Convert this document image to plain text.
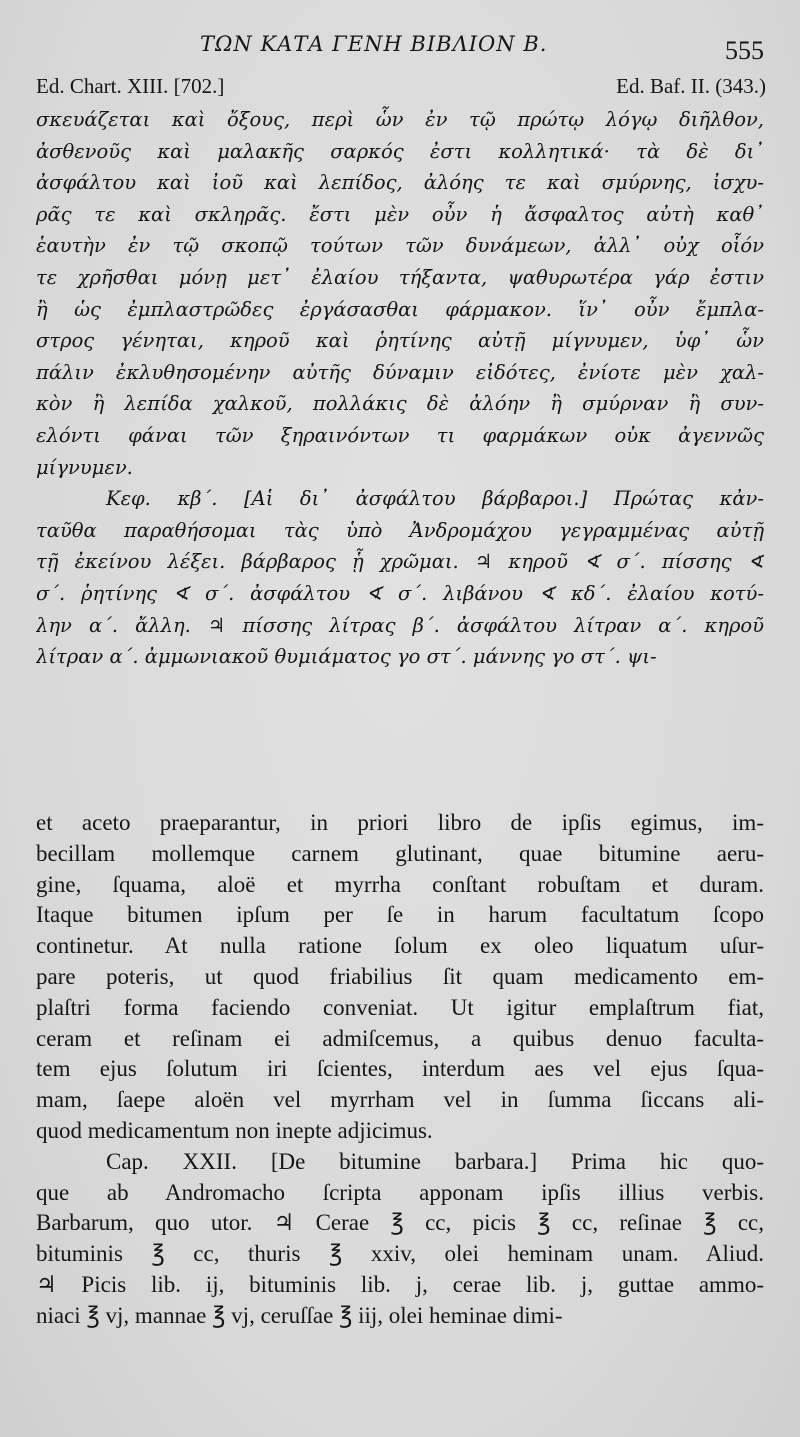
ΤΩΝ ΚΑΤΑ ΓΕΝΗ ΒΙΒΛΙΟΝ Β.	555
Ed. Chart. XIII. [702.]	Ed. Baf. II. (343.)
σκευάζεται καὶ ὄξους, περὶ ὧν ἐν τῷ πρώτῳ λόγῳ διῆλθον,
ἀσθενοῦς καὶ μαλακῆς σαρκός ἐστι κολλητικά· τὰ δὲ δι᾽
ἀσφάλτου καὶ ἰοῦ καὶ λεπίδος, ἀλόης τε καὶ σμύρνης, ἰσχυ-
ρᾶς τε καὶ σκληρᾶς. ἔστι μὲν οὖν ἡ ἄσφαλτος αὐτὴ καθ᾽
ἑαυτὴν ἐν τῷ σκοπῷ τούτων τῶν δυνάμεων, ἀλλ᾽ οὐχ οἷόν
τε χρῆσθαι μόνῃ μετ᾽ ἐλαίου τήξαντα, ψαθυρωτέρα γάρ ἐστιν
ἢ ὡς ἐμπλαστρῶδες ἐργάσασθαι φάρμακον. ἵν᾽ οὖν ἔμπλα-
στρος γένηται, κηροῦ καὶ ῥητίνης αὐτῇ μίγνυμεν, ὑφ᾽ ὧν
πάλιν ἐκλυθησομένην αὐτῆς δύναμιν εἰδότες, ἐνίοτε μὲν χαλ-
κὸν ἢ λεπίδα χαλκοῦ, πολλάκις δὲ ἀλόην ἢ σμύρναν ἢ συν-
ελόντι φάναι τῶν ξηραινόντων τι φαρμάκων οὐκ ἀγεννῶς
μίγνυμεν.
Κεφ. κβ΄. [Αἱ δι᾽ ἀσφάλτου βάρβαροι.] Πρώτας κἀν-
ταῦθα παραθήσομαι τὰς ὑπὸ Ἀνδρομάχου γεγραμμένας αὐτῇ
τῇ ἐκείνου λέξει. βάρβαρος ᾗ χρῶμαι. ♃ κηροῦ ∢ σ΄. πίσσης ∢
σ΄. ῥητίνης ∢ σ΄. ἀσφάλτου ∢ σ΄. λιβάνου ∢ κδ΄. ἐλαίου κοτύ-
λην α΄. ἄλλη. ♃ πίσσης λίτρας β΄. ἀσφάλτου λίτραν α΄. κηροῦ
λίτραν α΄. ἀμμωνιακοῦ θυμιάματος γο στ΄. μάννης γο στ΄. ψι-
et aceto praeparantur, in priori libro de ipſis egimus, im-
becillam mollemque carnem glutinant, quae bitumine aeru-
gine, ſquama, aloë et myrrha conſtant robuſtam et duram.
Itaque bitumen ipſum per ſe in harum facultatum ſcopo
continetur. At nulla ratione ſolum ex oleo liquatum uſur-
pare poteris, ut quod friabilius ſit quam medicamento em-
plaſtri forma faciendo conveniat. Ut igitur emplaſtrum fiat,
ceram et reſinam ei admiſcemus, a quibus denuo faculta-
tem ejus ſolutum iri ſcientes, interdum aes vel ejus ſqua-
mam, ſaepe aloën vel myrrham vel in ſumma ſiccans ali-
quod medicamentum non inepte adjicimus.
Cap. XXII. [De bitumine barbara.] Prima hic quo-
que ab Andromacho ſcripta apponam ipſis illius verbis.
Barbarum, quo utor. ♃ Cerae ℥ cc, picis ℥ cc, reſinae ℥ cc,
bituminis ℥ cc, thuris ℥ xxiv, olei heminam unam. Aliud.
♃ Picis lib. ij, bituminis lib. j, cerae lib. j, guttae ammo-
niaci ℥ vj, mannae ℥ vj, ceruſſae ℥ iij, olei heminae dimi-
